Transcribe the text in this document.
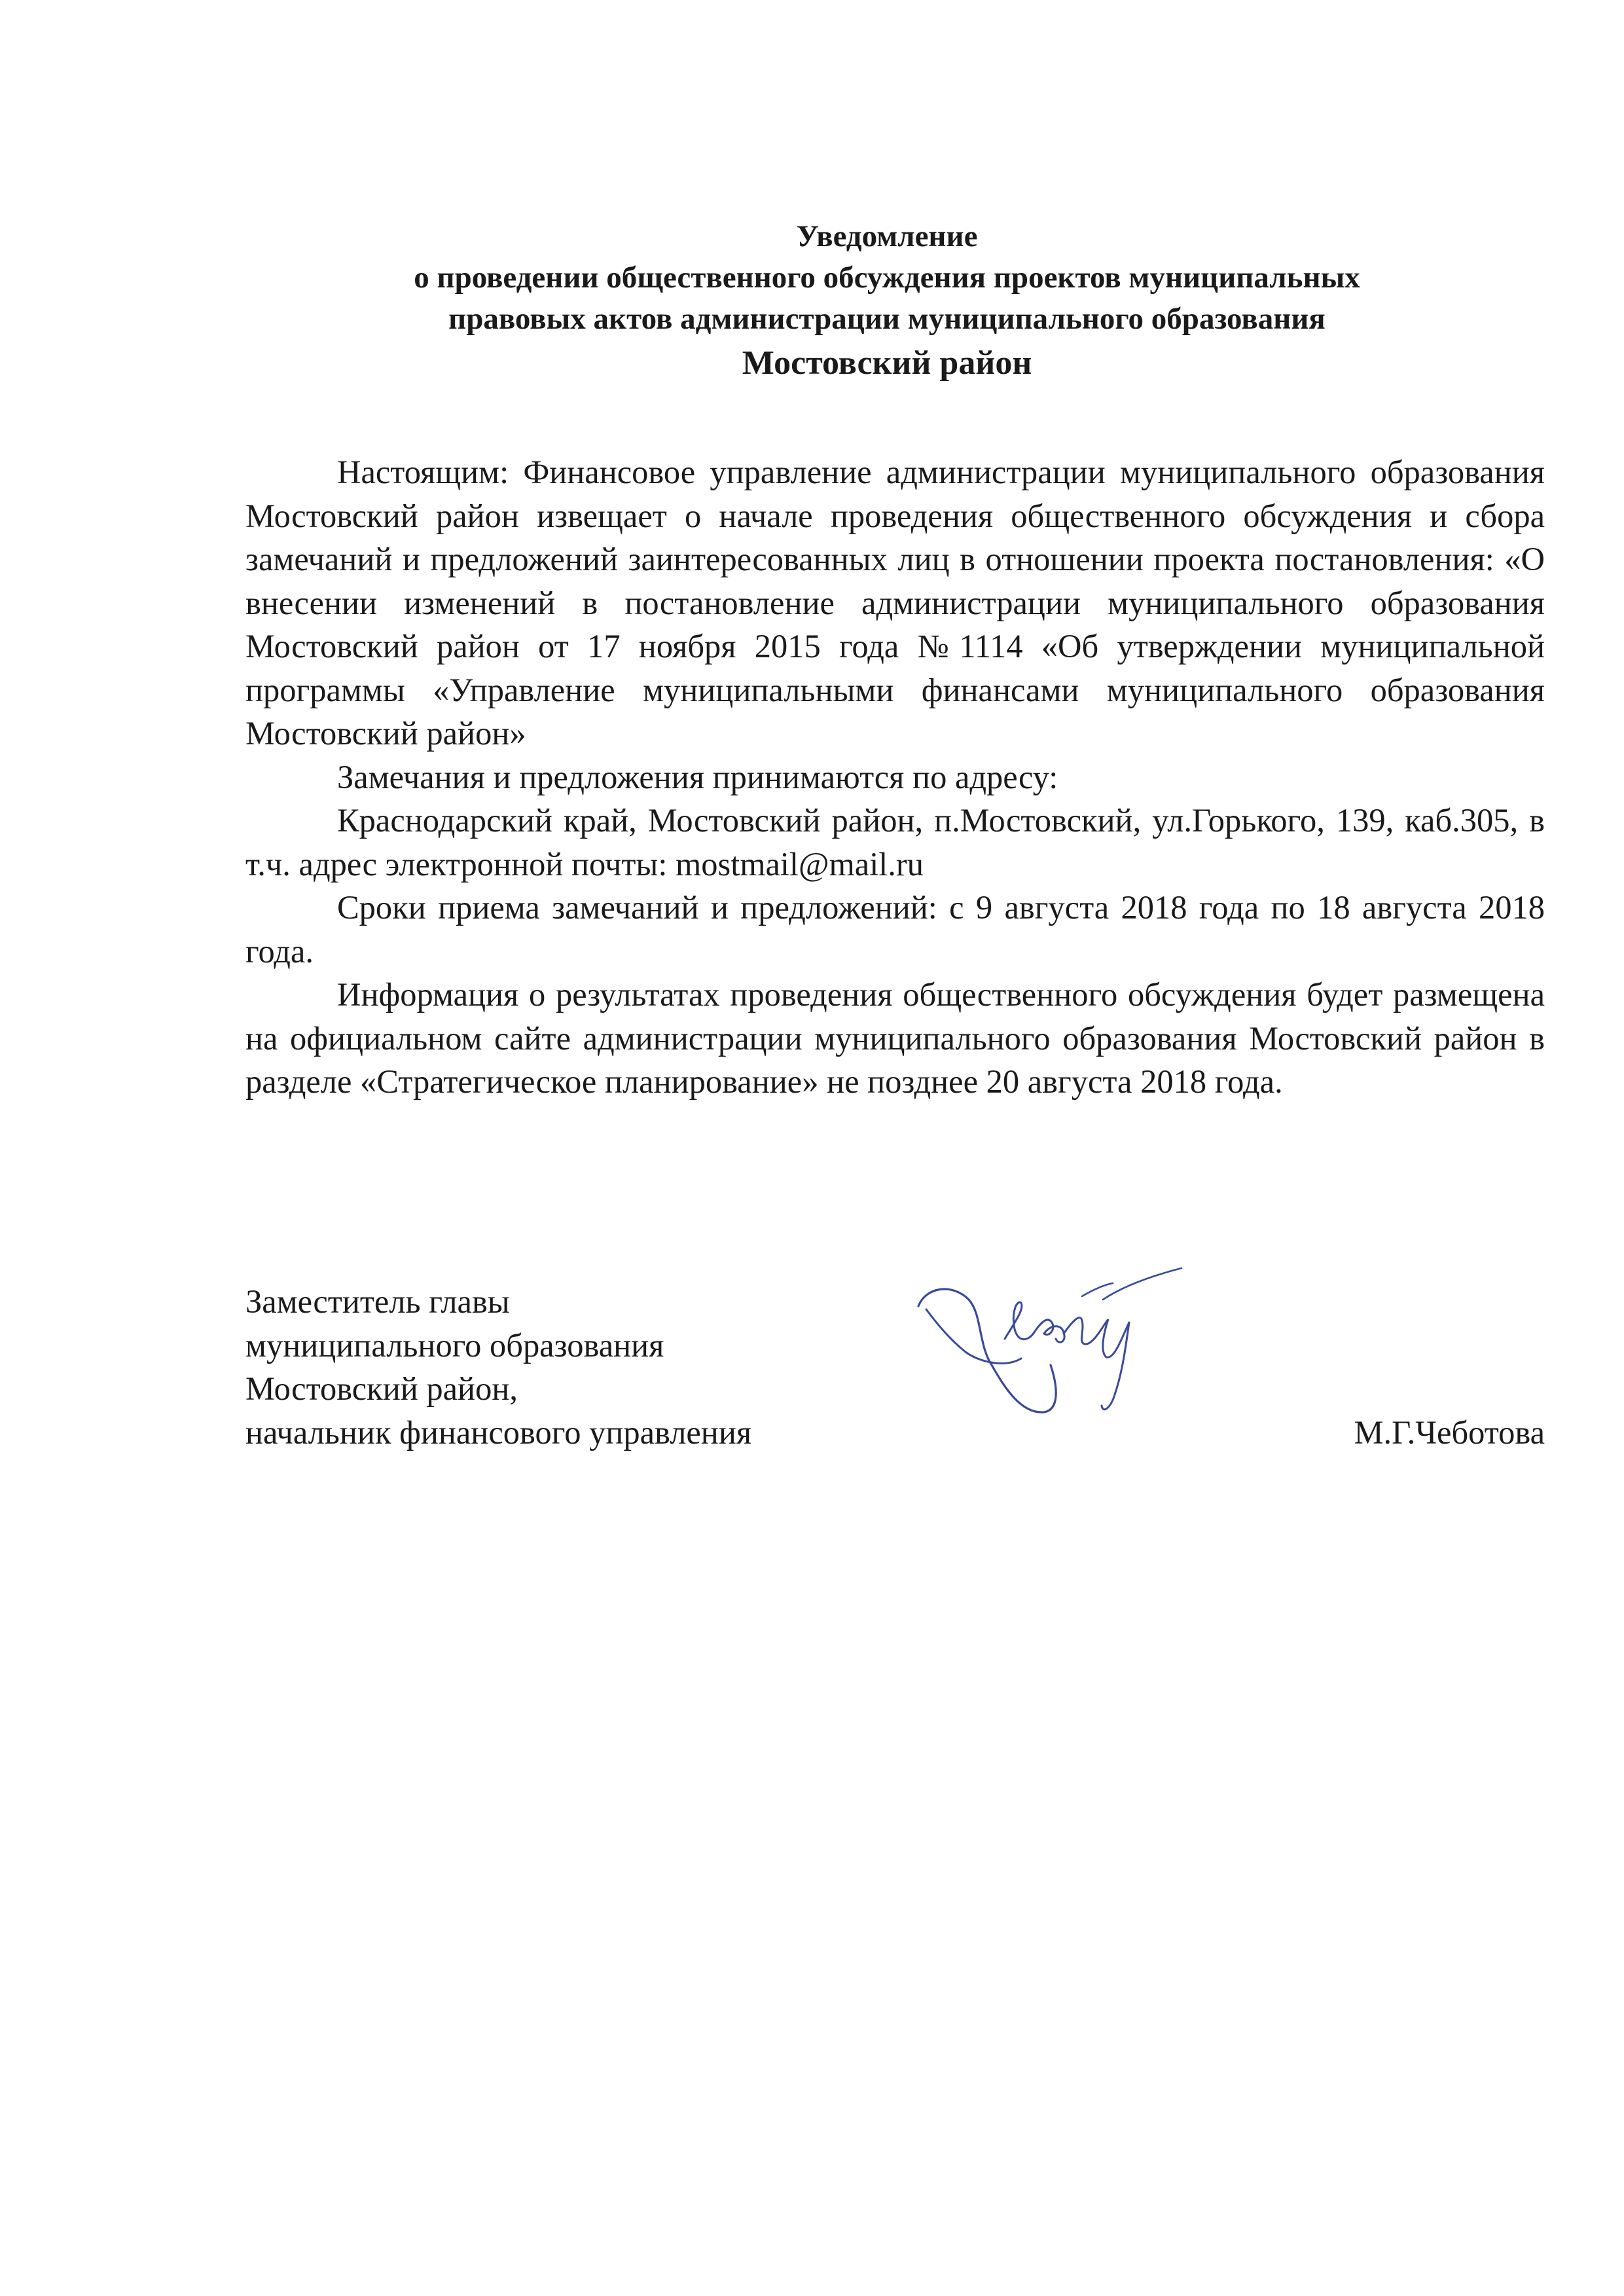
Уведомление
о проведении общественного обсуждения проектов муниципальных
правовых актов администрации муниципального образования
Мостовский район

Настоящим: Финансовое управление администрации муниципального образования Мостовский район извещает о начале проведения общественного обсуждения и сбора замечаний и предложений заинтересованных лиц в отношении проекта постановления: «О внесении изменений в постановление администрации муниципального образования Мостовский район от 17 ноября 2015 года №1114 «Об утверждении муниципальной программы «Управление муниципальными финансами муниципального образования Мостовский район»

Замечания и предложения принимаются по адресу:

Краснодарский край, Мостовский район, п.Мостовский, ул.Горького, 139, каб.305, в т.ч. адрес электронной почты: mostmail@mail.ru

Сроки приема замечаний и предложений: с 9 августа 2018 года по 18 августа 2018 года.

Информация о результатах проведения общественного обсуждения будет размещена на официальном сайте администрации муниципального образования Мостовский район в разделе «Стратегическое планирование» не позднее 20 августа 2018 года.

Заместитель главы
муниципального образования
Мостовский район,
начальник финансового управления	М.Г.Чеботова
